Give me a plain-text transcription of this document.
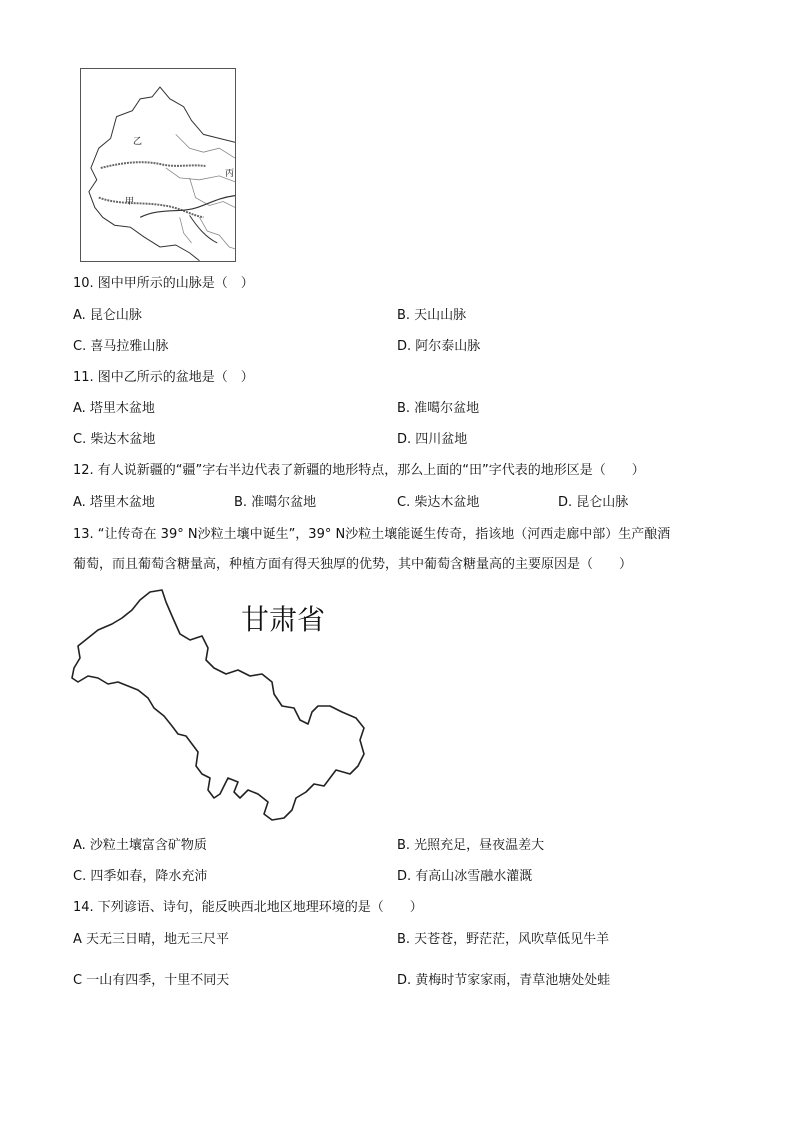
乙
甲
丙
10. 图中甲所示的山脉是（　）
A. 昆仑山脉	B. 天山山脉
C. 喜马拉雅山脉	D. 阿尔泰山脉
11. 图中乙所示的盆地是（　）
A. 塔里木盆地	B. 准噶尔盆地
C. 柴达木盆地	D. 四川盆地
12. 有人说新疆的“疆”字右半边代表了新疆的地形特点，那么上面的“田”字代表的地形区是（　　）
A. 塔里木盆地	B. 准噶尔盆地	C. 柴达木盆地	D. 昆仑山脉
13. “让传奇在 39° N沙粒土壤中诞生”，39° N沙粒土壤能诞生传奇，指该地（河西走廊中部）生产酿酒
葡萄，而且葡萄含糖量高，种植方面有得天独厚的优势，其中葡萄含糖量高的主要原因是（　　）
甘肃省
A. 沙粒土壤富含矿物质	B. 光照充足，昼夜温差大
C. 四季如春，降水充沛	D. 有高山冰雪融水灌溉
14. 下列谚语、诗句，能反映西北地区地理环境的是（　　）
A 天无三日晴，地无三尺平	B. 天苍苍，野茫茫，风吹草低见牛羊
C 一山有四季，十里不同天	D. 黄梅时节家家雨，青草池塘处处蛙
